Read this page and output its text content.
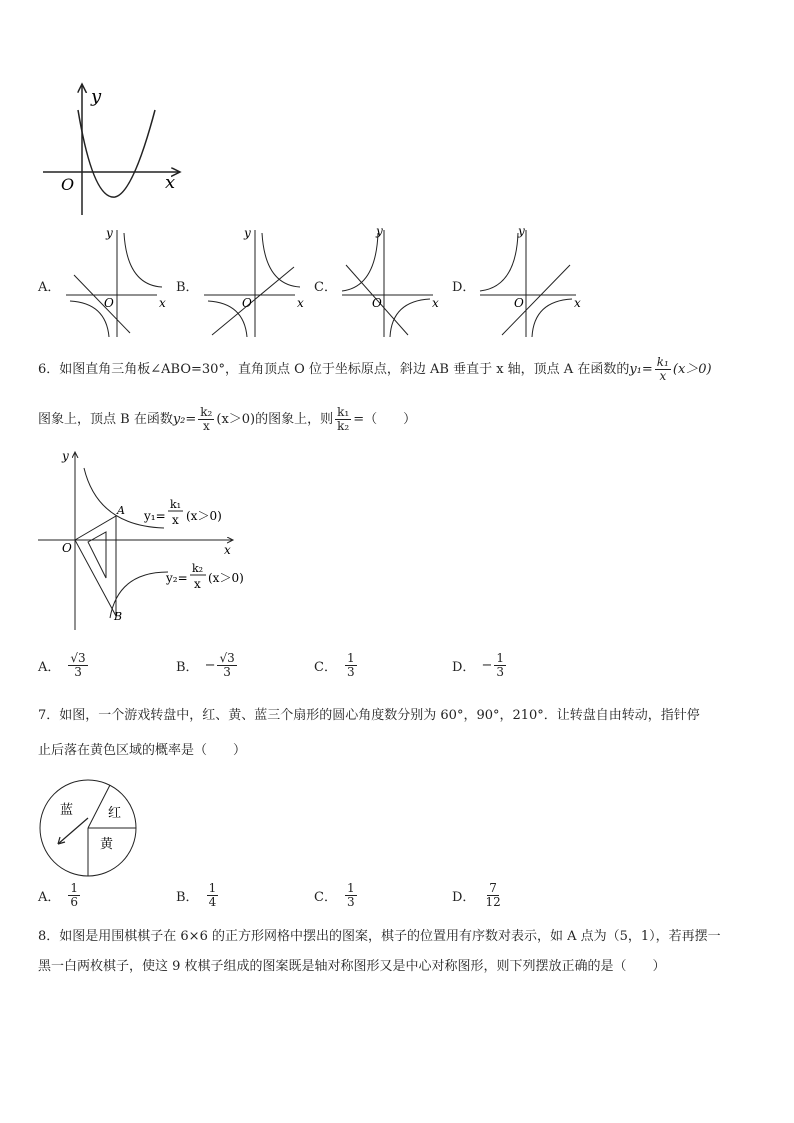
y
O	x
A．
y
O	x
B．
y
O	x
C．
y
O	x
D．
y
O	x
6．如图直角三角板∠ABO=30°，直角顶点 O 位于坐标原点，斜边 AB 垂直于 x 轴，顶点 A 在函数的 $y_1= \frac{\text{k₁}}{x} (x>0)$
图象上，顶点 B 在函数 $y_2= \frac{\text{k₂}}{x} (x>0)$ 的图象上，则 $\frac{\text{k₁}}{\text{k₂}}$ =（　　）
y
O	x
A
B
y₁=
k₁
x (x＞0)
y₂=
k₂
x (x＞0)
A． $\frac{√3}{3}$	B． − $\frac{√3}{3}$	C． $\frac{1}{3}$	D． − $\frac{1}{3}$
7．如图，一个游戏转盘中，红、黄、蓝三个扇形的圆心角度数分别为 60°，90°，210°．让转盘自由转动，指针停
止后落在黄色区域的概率是（　　）
蓝	红
黄
A． $\frac{1}{6}$	B． $\frac{1}{4}$	C． $\frac{1}{3}$	D． $\frac{7}{12}$
8．如图是用围棋棋子在 6×6 的正方形网格中摆出的图案，棋子的位置用有序数对表示，如 A 点为（5，1），若再摆一
黑一白两枚棋子，使这 9 枚棋子组成的图案既是轴对称图形又是中心对称图形，则下列摆放正确的是（　　）
